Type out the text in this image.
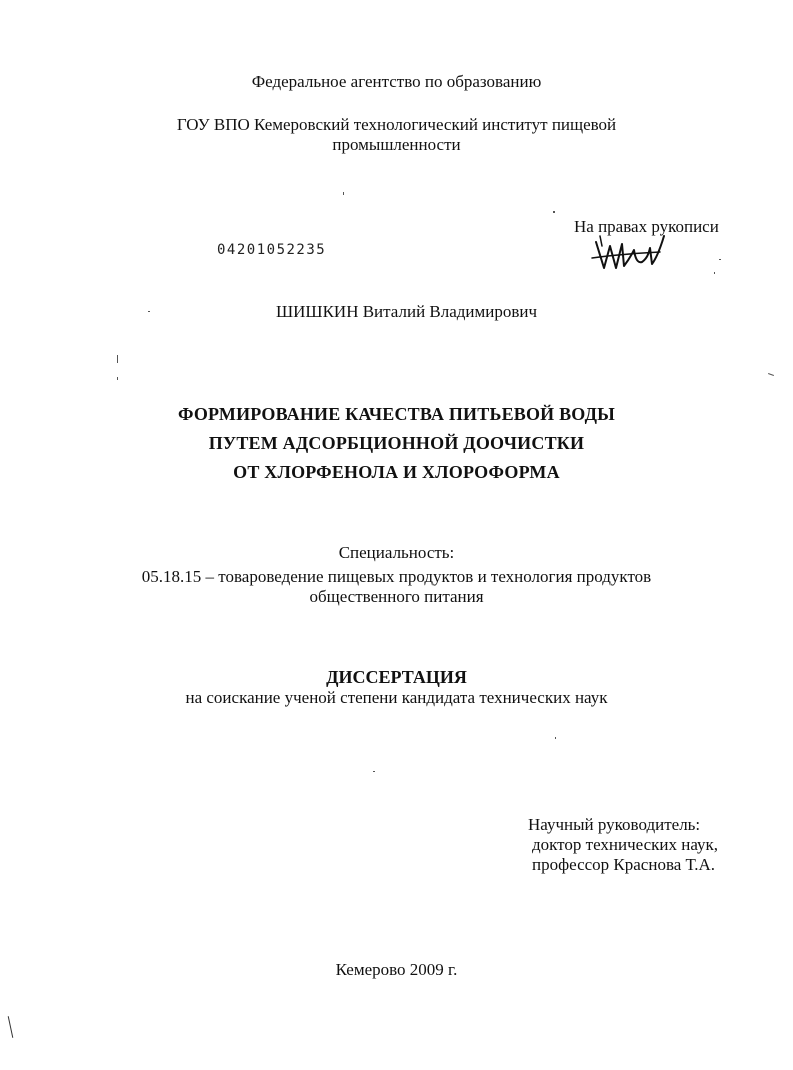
Федеральное агентство по образованию
ГОУ ВПО Кемеровский технологический институт пищевой
промышленности
04201052235
На правах рукописи
ШИШКИН Виталий Владимирович
ФОРМИРОВАНИЕ КАЧЕСТВА ПИТЬЕВОЙ ВОДЫ
ПУТЕМ АДСОРБЦИОННОЙ ДООЧИСТКИ
ОТ ХЛОРФЕНОЛА И ХЛОРОФОРМА
Специальность:
05.18.15 – товароведение пищевых продуктов и технология продуктов
общественного питания
ДИССЕРТАЦИЯ
на соискание ученой степени кандидата технических наук
Научный руководитель:
доктор технических наук,
профессор Краснова Т.А.
Кемерово 2009 г.
